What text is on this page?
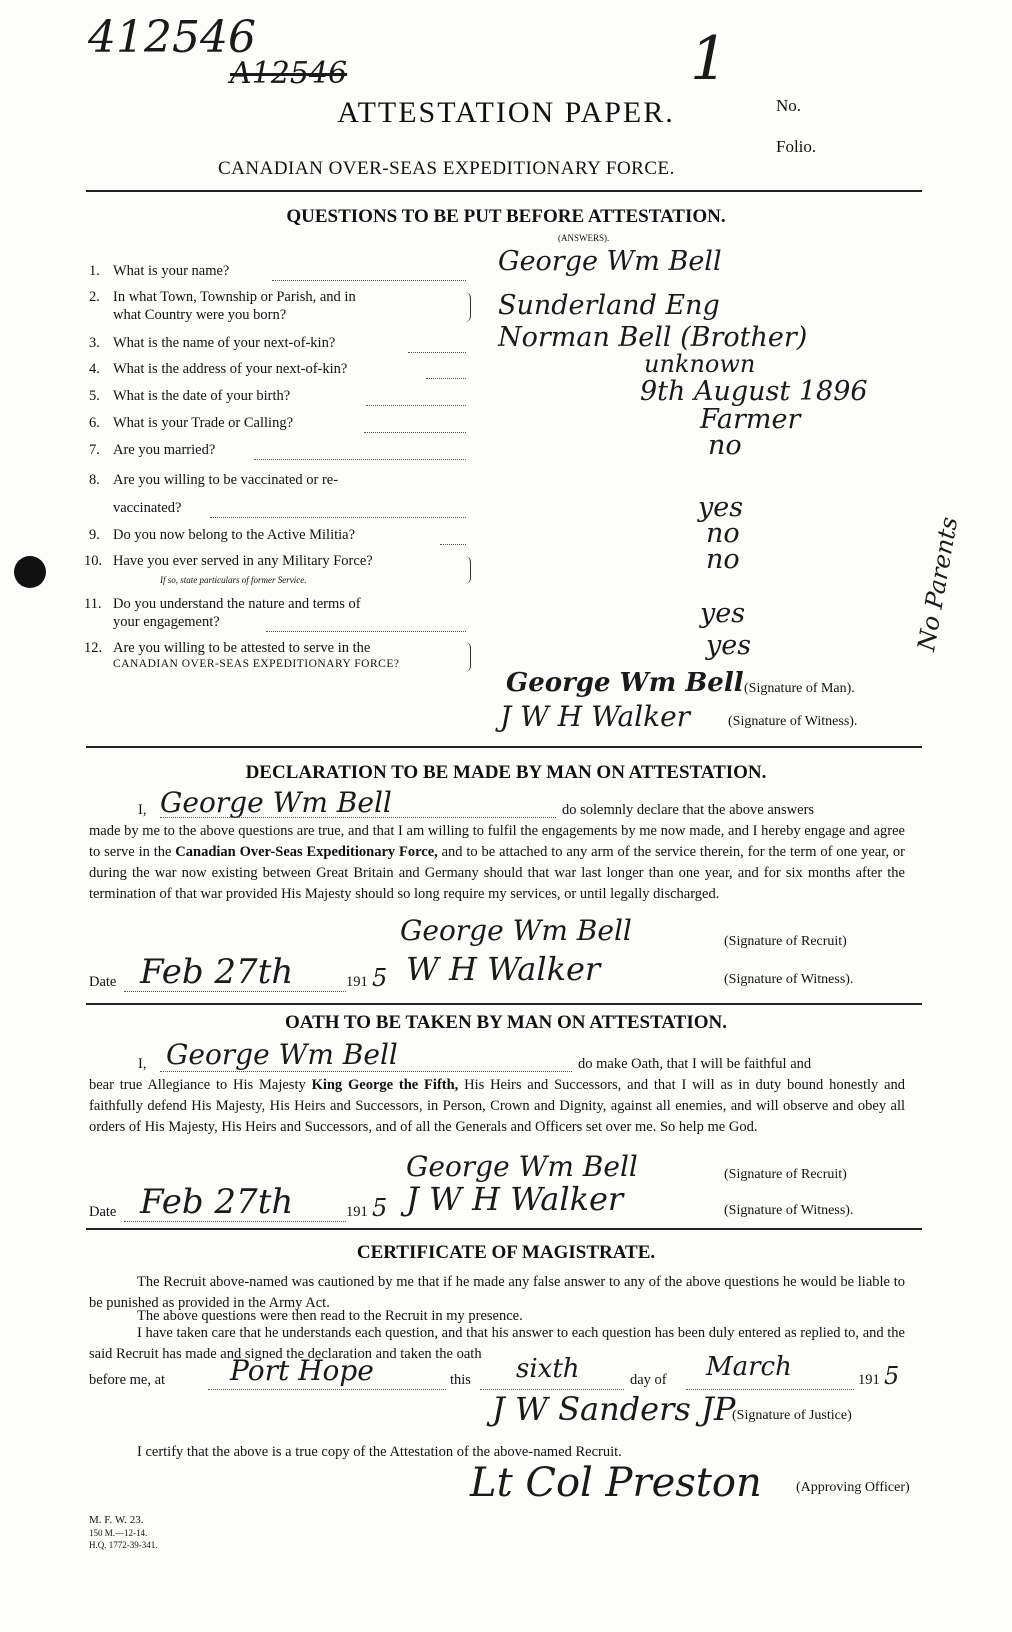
412546
A12546	1
ATTESTATION PAPER.
CANADIAN OVER-SEAS EXPEDITIONARY FORCE.
No.
Folio.
QUESTIONS TO BE PUT BEFORE ATTESTATION.
(ANSWERS).
1. What is your name?	George Wm Bell
2. In what Town, Township or Parish, and in
what Country were you born?	Sunderland Eng
3. What is the name of your next-of-kin?	Norman Bell (Brother)
4. What is the address of your next-of-kin?	unknown
5. What is the date of your birth?	9th August 1896
6. What is your Trade or Calling?	Farmer
7. Are you married?	no
8. Are you willing to be vaccinated or re-
vaccinated?	yes
9. Do you now belong to the Active Militia?	no
10. Have you ever served in any Military Force?
If so, state particulars of former Service.
no
11. Do you understand the nature and terms of
your engagement?	yes
12. Are you willing to be attested to serve in the
CANADIAN OVER-SEAS EXPEDITIONARY FORCE?
yes	No Parents
George Wm Bell (Signature of Man).
J W H Walker	(Signature of Witness).
DECLARATION TO BE MADE BY MAN ON ATTESTATION.
I, George Wm Bell	do solemnly declare that the above answers
made by me to the above questions are true, and that I am willing to fulfil the engagements by me now made, and I hereby engage and agree to serve in the Canadian Over-Seas Expeditionary Force, and to be attached to any arm of the service therein, for the term of one year, or during the war now existing between Great Britain and Germany should that war last longer than one year, and for six months after the termination of that war provided His Majesty should so long require my services, or until legally discharged.
George Wm Bell	(Signature of Recruit)
Date Feb 27th	191 5 W H Walker	(Signature of Witness).
OATH TO BE TAKEN BY MAN ON ATTESTATION.
I, George Wm Bell	do make Oath, that I will be faithful and
bear true Allegiance to His Majesty King George the Fifth, His Heirs and Successors, and that I will as in duty bound honestly and faithfully defend His Majesty, His Heirs and Successors, in Person, Crown and Dignity, against all enemies, and will observe and obey all orders of His Majesty, His Heirs and Successors, and of all the Generals and Officers set over me. So help me God.
George Wm Bell	(Signature of Recruit)
Date Feb 27th	191 5 J W H Walker	(Signature of Witness).
CERTIFICATE OF MAGISTRATE.
The Recruit above-named was cautioned by me that if he made any false answer to any of the above questions he would be liable to be punished as provided in the Army Act.
The above questions were then read to the Recruit in my presence.
I have taken care that he understands each question, and that his answer to each question has been duly entered as replied to, and the said Recruit has made and signed the declaration and taken the oath
before me, at Port Hope	this sixth	day of March	191 5
J W Sanders JP
(Signature of Justice)
I certify that the above is a true copy of the Attestation of the above-named Recruit.
Lt Col Preston (Approving Officer)
M. F. W. 23.
150 M.—12-14.
H.Q. 1772-39-341.
